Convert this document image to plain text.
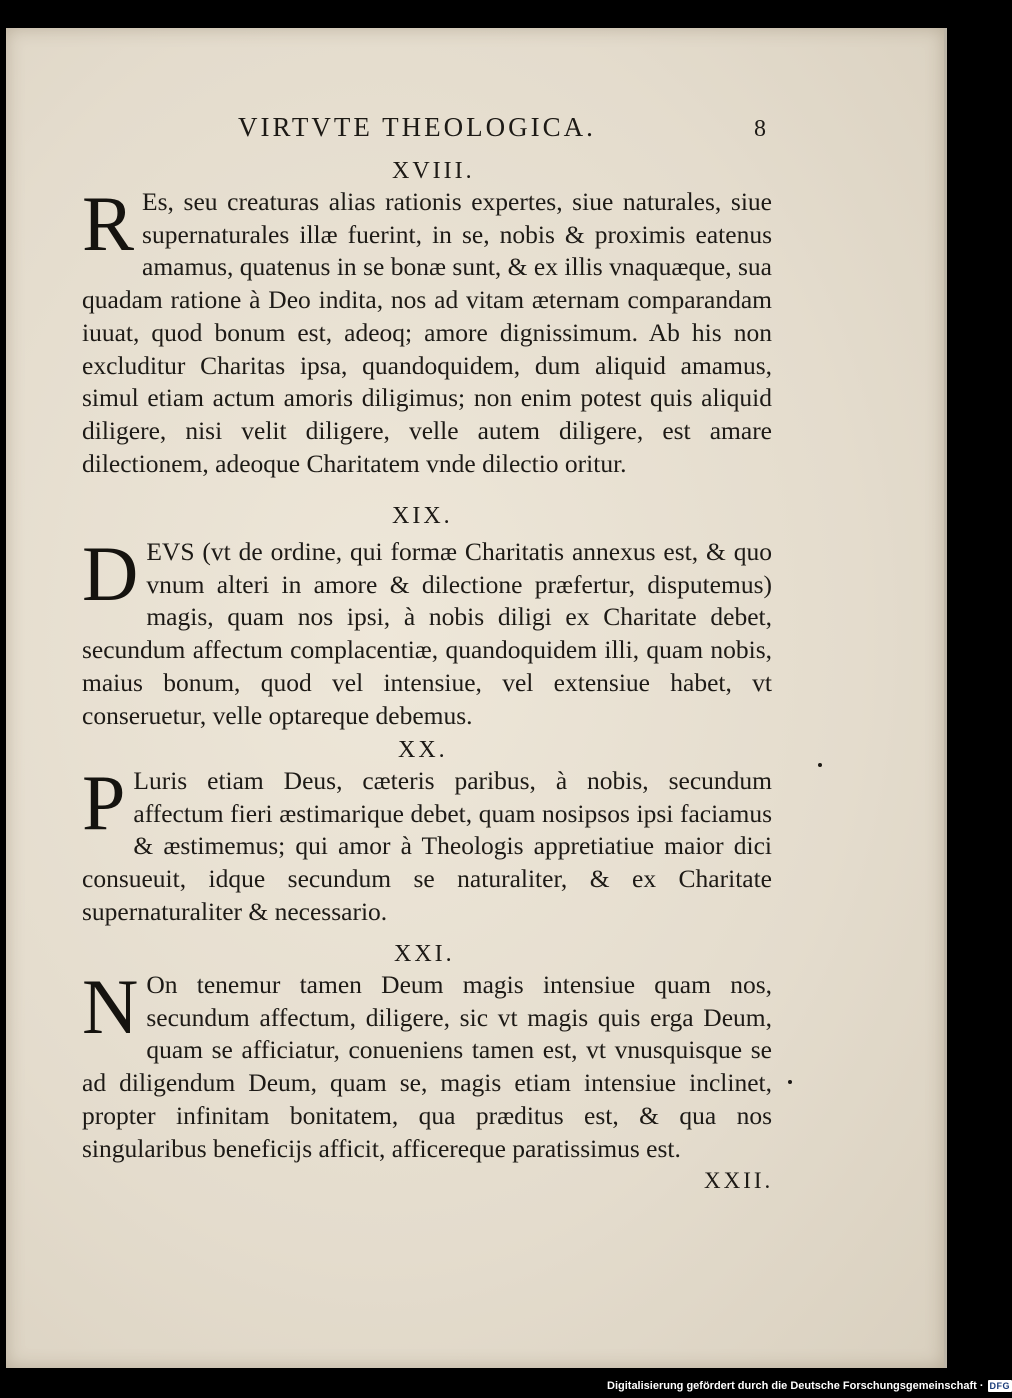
VIRTVTE THEOLOGICA.	8
XVIII.

R Es, seu creaturas alias rationis expertes, siue naturales, siue supernaturales illæ fuerint, in se, nobis & proximis eatenus amamus, quatenus in se bonæ sunt, & ex illis vnaquæque, sua quadam ratione à Deo indita, nos ad vitam æternam comparandam iuuat, quod bonum est, adeoq; amore dignissimum. Ab his non excluditur Charitas ipsa, quandoquidem, dum aliquid amamus, simul etiam actum amoris diligimus; non enim potest quis aliquid diligere, nisi velit diligere, velle autem diligere, est amare dilectionem, adeoque Charitatem vnde dilectio oritur.

XIX.

D EVS (vt de ordine, qui formæ Charitatis annexus est, & quo vnum alteri in amore & dilectione præfertur, disputemus) magis, quam nos ipsi, à nobis diligi ex Charitate debet, secundum affectum complacentiæ, quandoquidem illi, quam nobis, maius bonum, quod vel intensiue, vel extensiue habet, vt conseruetur, velle optareque debemus.

XX.

P Luris etiam Deus, cæteris paribus, à nobis, secundum affectum fieri æstimarique debet, quam nosipsos ipsi faciamus & æstimemus; qui amor à Theologis appretiatiue maior dici consueuit, idque secundum se naturaliter, & ex Charitate supernaturaliter & necessario.

XXI.

N On tenemur tamen Deum magis intensiue quam nos, secundum affectum, diligere, sic vt magis quis erga Deum, quam se afficiatur, conueniens tamen est, vt vnusquisque se ad diligendum Deum, quam se, magis etiam intensiue inclinet, propter infinitam bonitatem, qua præditus est, & qua nos singularibus beneficijs afficit, afficereque paratissimus est.

XXII.
Digitalisierung gefördert durch die Deutsche Forschungsgemeinschaft · DFG
